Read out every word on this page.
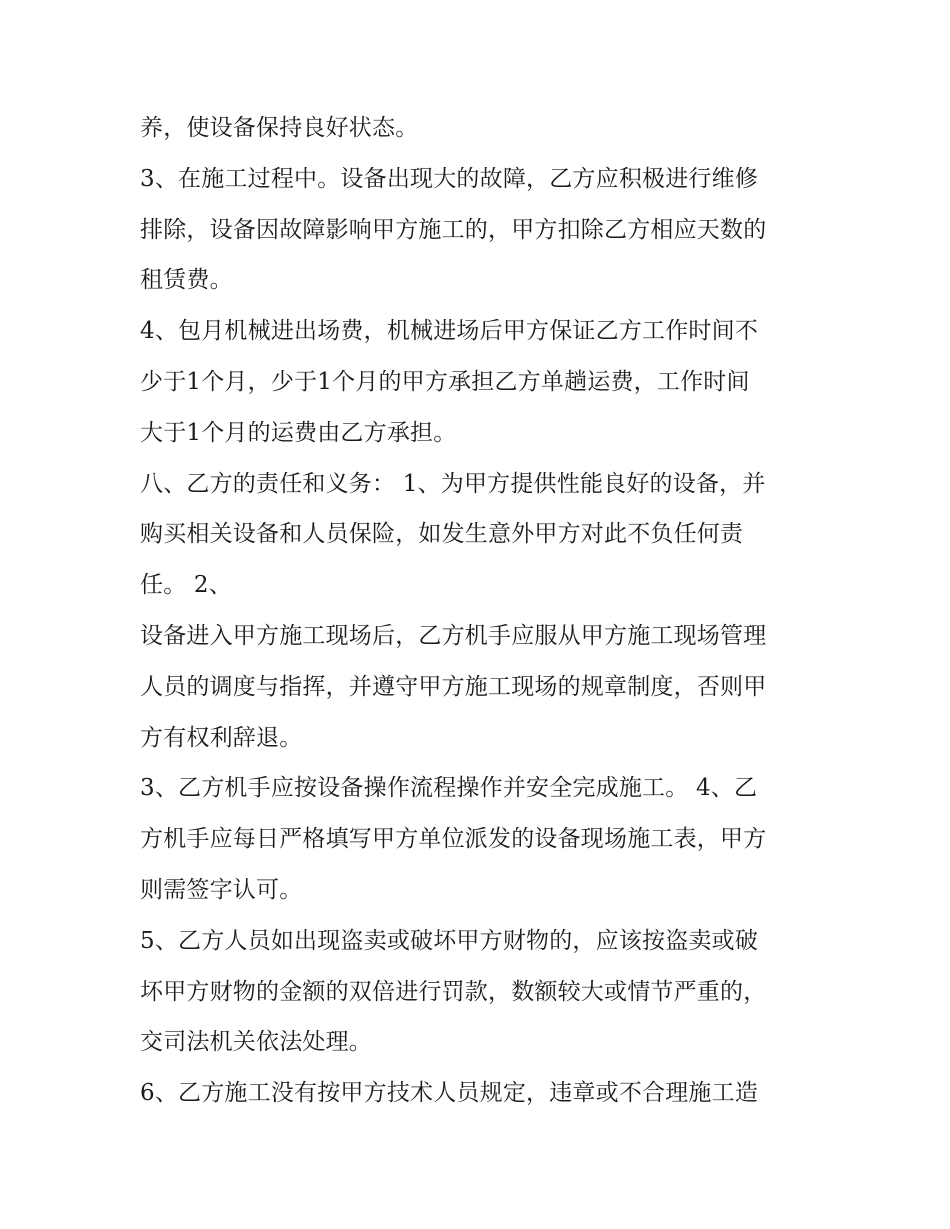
养，使设备保持良好状态。
3、在施工过程中。设备出现大的故障，乙方应积极进行维修
排除，设备因故障影响甲方施工的，甲方扣除乙方相应天数的
租赁费。
4、包月机械进出场费，机械进场后甲方保证乙方工作时间不
少于1个月，少于1个月的甲方承担乙方单趟运费，工作时间
大于1个月的运费由乙方承担。
八、乙方的责任和义务： 1、为甲方提供性能良好的设备，并
购买相关设备和人员保险，如发生意外甲方对此不负任何责
任。 2、
设备进入甲方施工现场后，乙方机手应服从甲方施工现场管理
人员的调度与指挥，并遵守甲方施工现场的规章制度，否则甲
方有权利辞退。
3、乙方机手应按设备操作流程操作并安全完成施工。 4、乙
方机手应每日严格填写甲方单位派发的设备现场施工表，甲方
则需签字认可。
5、乙方人员如出现盗卖或破坏甲方财物的，应该按盗卖或破
坏甲方财物的金额的双倍进行罚款，数额较大或情节严重的，
交司法机关依法处理。
6、乙方施工没有按甲方技术人员规定，违章或不合理施工造
